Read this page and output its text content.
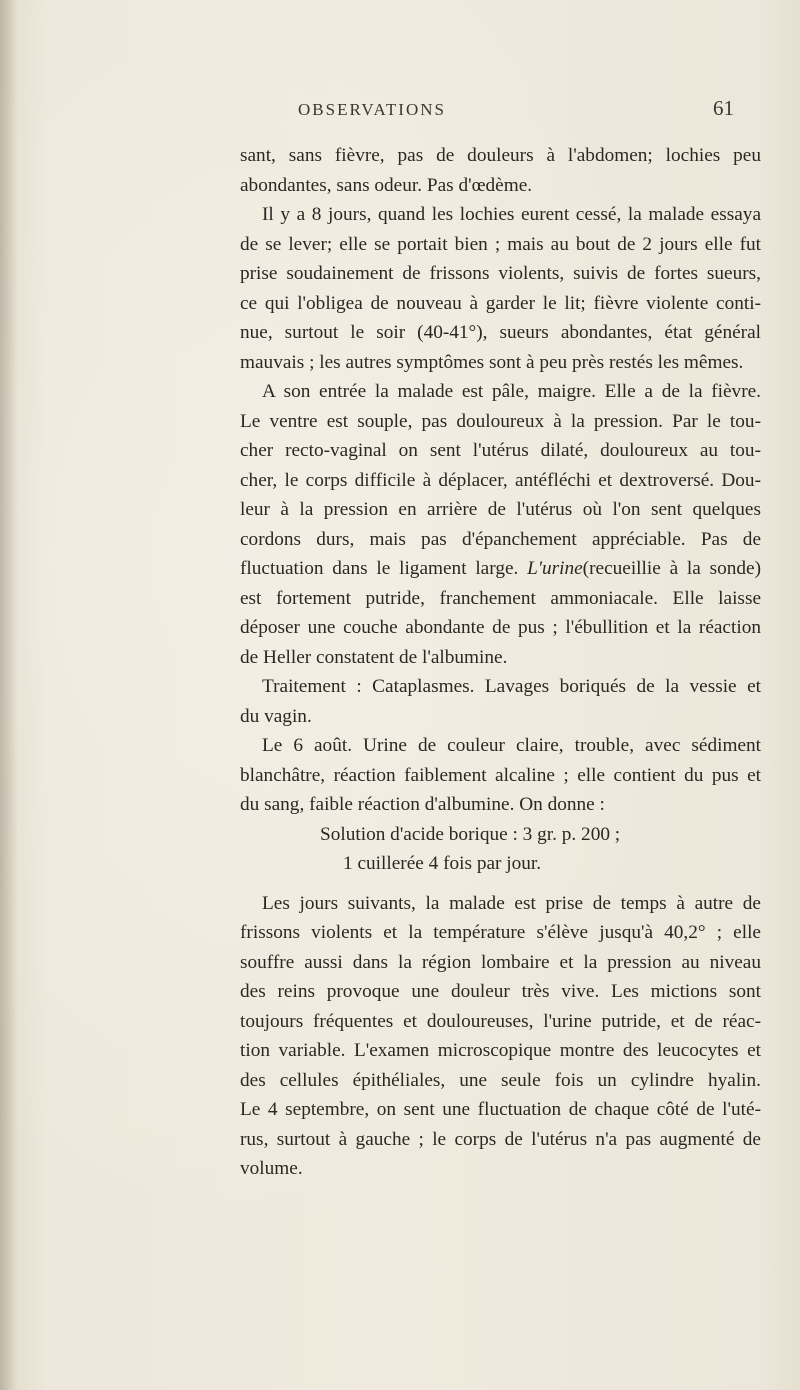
OBSERVATIONS	61
sant, sans fièvre, pas de douleurs à l'abdomen; lochies peu
abondantes, sans odeur. Pas d'œdème.
Il y a 8 jours, quand les lochies eurent cessé, la malade essaya
de se lever; elle se portait bien ; mais au bout de 2 jours elle fut
prise soudainement de frissons violents, suivis de fortes sueurs,
ce qui l'obligea de nouveau à garder le lit; fièvre violente conti-
nue, surtout le soir (40-41°), sueurs abondantes, état général
mauvais ; les autres symptômes sont à peu près restés les mêmes.
A son entrée la malade est pâle, maigre. Elle a de la fièvre.
Le ventre est souple, pas douloureux à la pression. Par le tou-
cher recto-vaginal on sent l'utérus dilaté, douloureux au tou-
cher, le corps difficile à déplacer, antéfléchi et dextroversé. Dou-
leur à la pression en arrière de l'utérus où l'on sent quelques
cordons durs, mais pas d'épanchement appréciable. Pas de
fluctuation dans le ligament large. L'urine(recueillie à la sonde)
est fortement putride, franchement ammoniacale. Elle laisse
déposer une couche abondante de pus ; l'ébullition et la réaction
de Heller constatent de l'albumine.
Traitement : Cataplasmes. Lavages boriqués de la vessie et
du vagin.
Le 6 août. Urine de couleur claire, trouble, avec sédiment
blanchâtre, réaction faiblement alcaline ; elle contient du pus et
du sang, faible réaction d'albumine. On donne :
Solution d'acide borique : 3 gr. p. 200 ;
1 cuillerée 4 fois par jour.
Les jours suivants, la malade est prise de temps à autre de
frissons violents et la température s'élève jusqu'à 40,2° ; elle
souffre aussi dans la région lombaire et la pression au niveau
des reins provoque une douleur très vive. Les mictions sont
toujours fréquentes et douloureuses, l'urine putride, et de réac-
tion variable. L'examen microscopique montre des leucocytes et
des cellules épithéliales, une seule fois un cylindre hyalin.
Le 4 septembre, on sent une fluctuation de chaque côté de l'uté-
rus, surtout à gauche ; le corps de l'utérus n'a pas augmenté de
volume.
